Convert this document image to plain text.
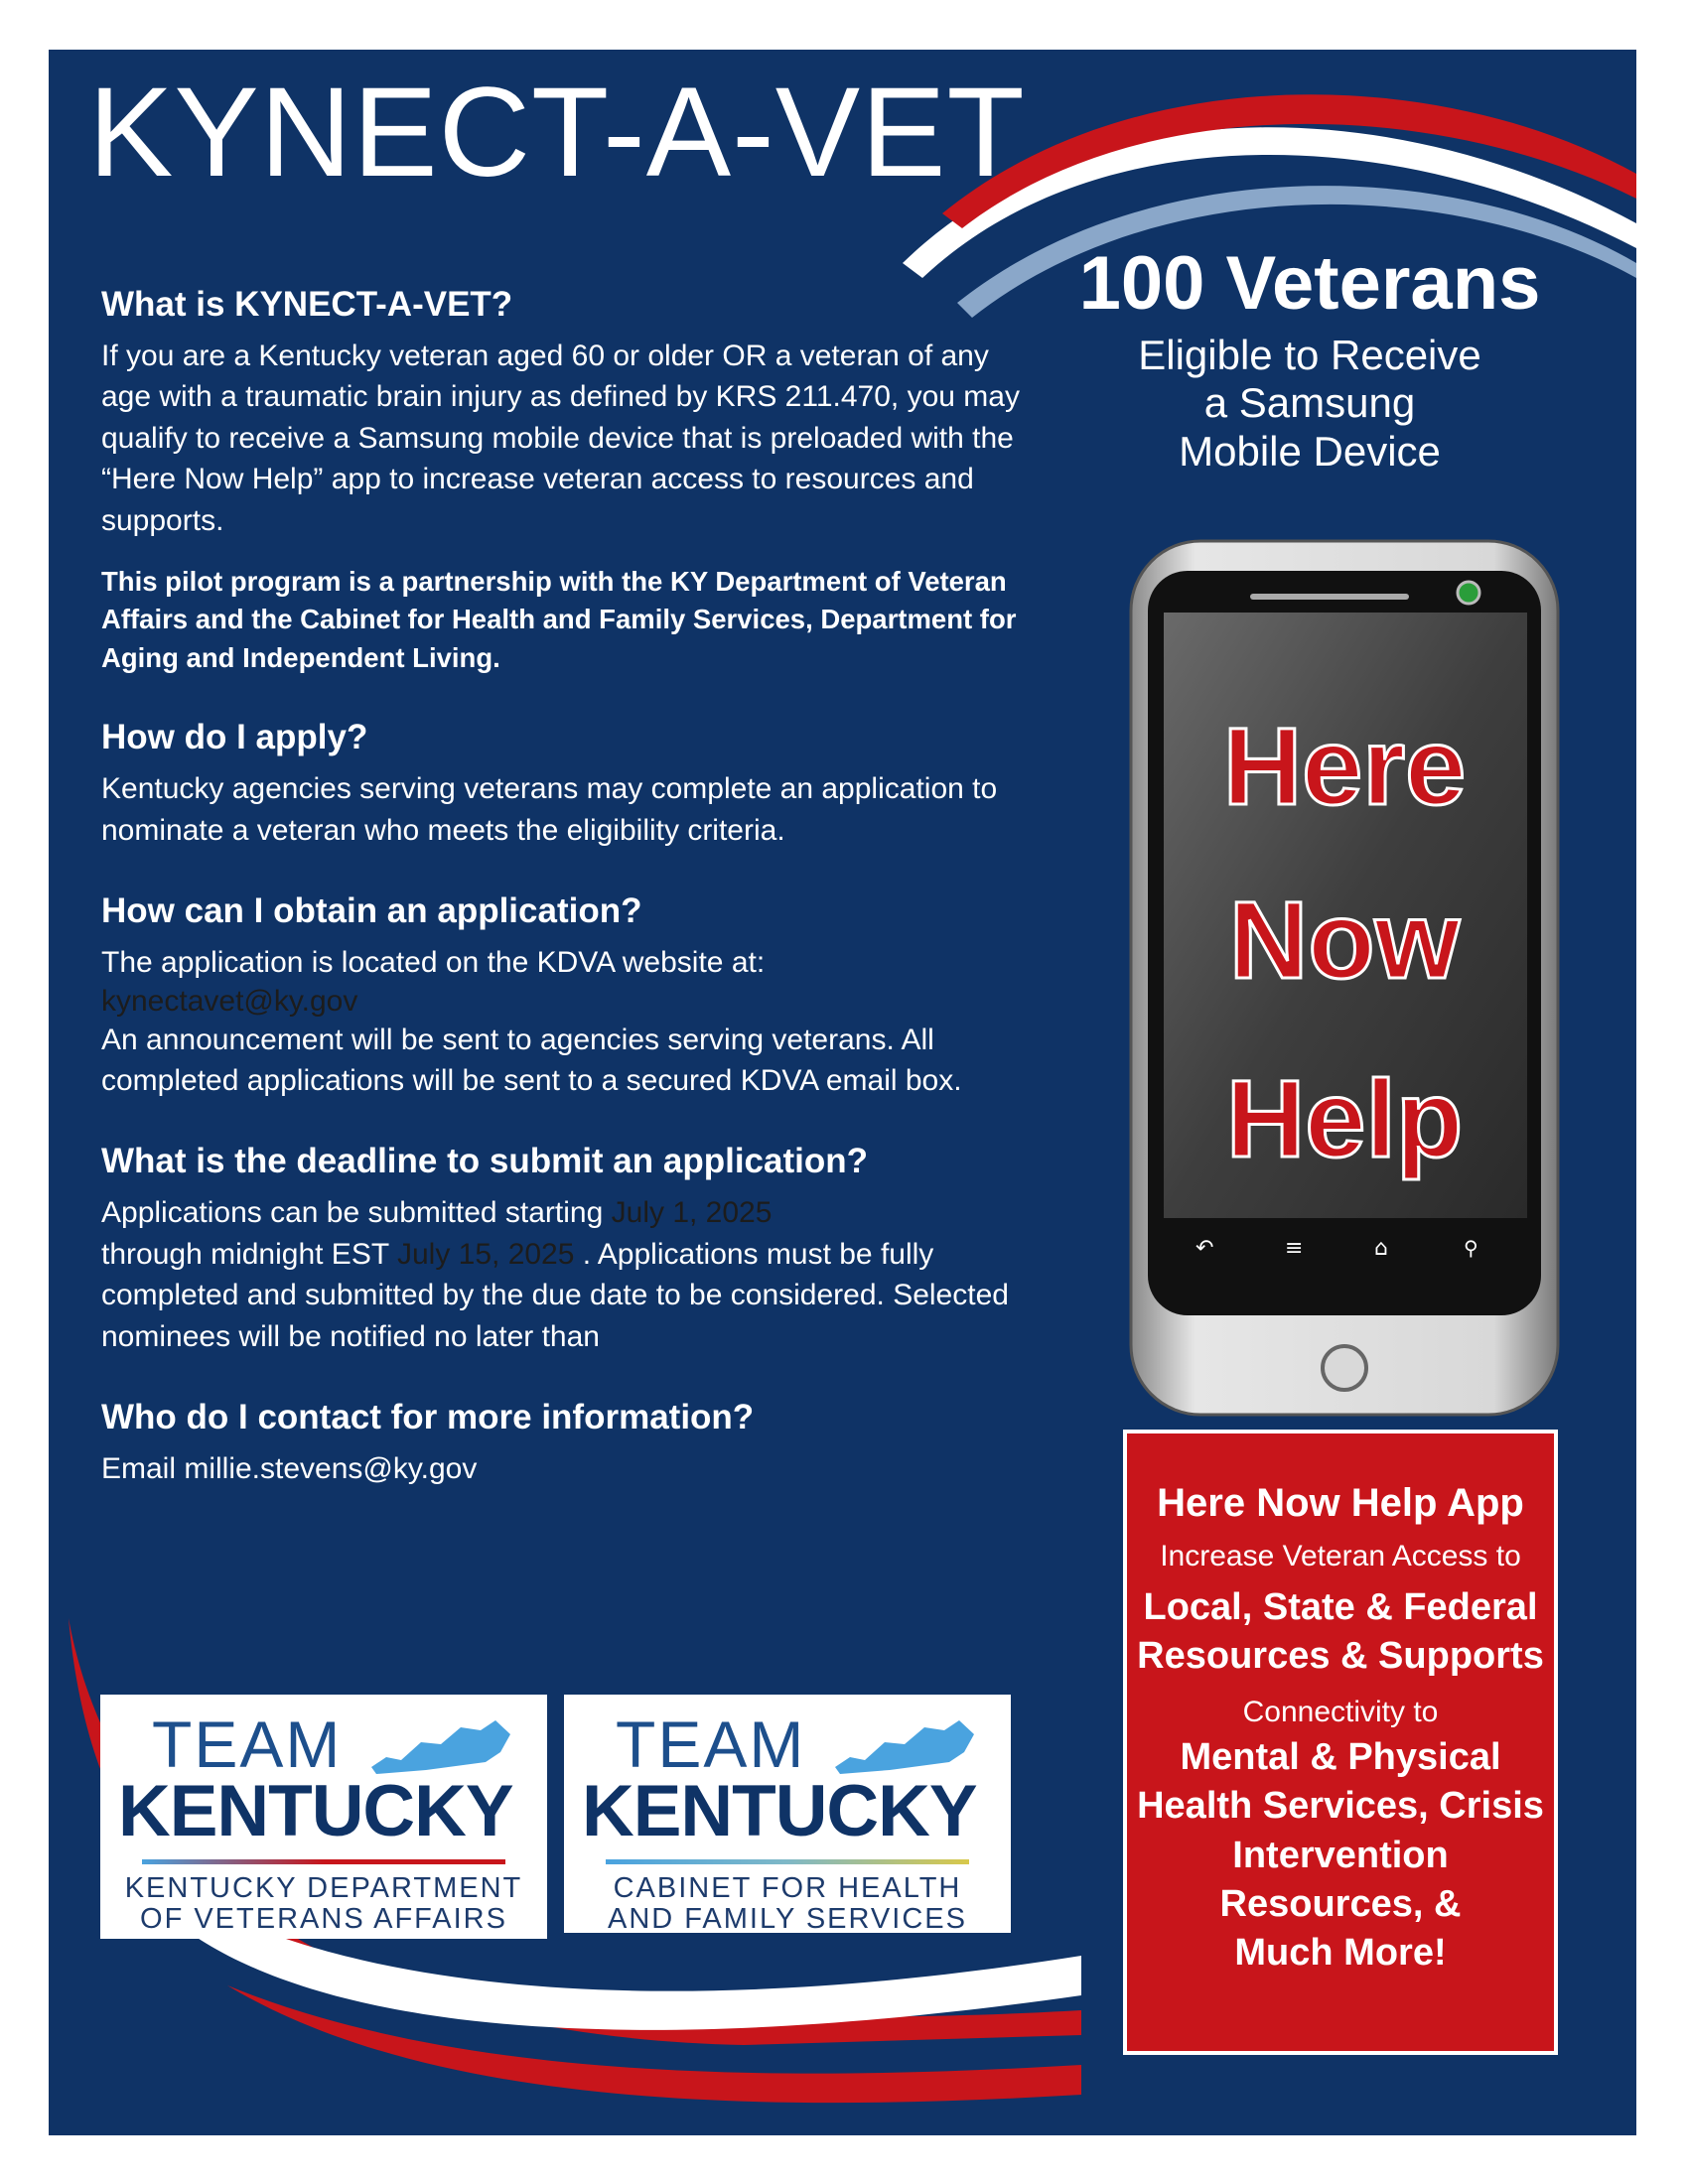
KYNECT-A-VET
What is KYNECT-A-VET?

If you are a Kentucky veteran aged 60 or older OR a veteran of any age with a traumatic brain injury as defined by KRS 211.470, you may qualify to receive a Samsung mobile device that is preloaded with the “Here Now Help” app to increase veteran access to resources and supports.

This pilot program is a partnership with the KY Department of Veteran Affairs and the Cabinet for Health and Family Services, Department for Aging and Independent Living.

How do I apply?

Kentucky agencies serving veterans may complete an application to nominate a veteran who meets the eligibility criteria.

How can I obtain an application?

The application is located on the KDVA website at:

kynectavet@ky.gov

An announcement will be sent to agencies serving veterans. All completed applications will be sent to a secured KDVA email box.

What is the deadline to submit an application?

Applications can be submitted starting July 1, 2025
through midnight EST July 15, 2025 . Applications must be fully completed and submitted by the due date to be considered. Selected nominees will be notified no later than

Who do I contact for more information?

Email millie.stevens@ky.gov

100 Veterans
Eligible to Receive
a Samsung
Mobile Device
↶	≡	⌂	⚲
Here
Now
Help
Here Now Help App
Increase Veteran Access to
Local, State & Federal
Resources & Supports
Connectivity to
Mental & Physical
Health Services, Crisis
Intervention
Resources, &
Much More!
TEAM
KENTUCKY
KENTUCKY DEPARTMENT
OF VETERANS AFFAIRS
TEAM
KENTUCKY
CABINET FOR HEALTH
AND FAMILY SERVICES
